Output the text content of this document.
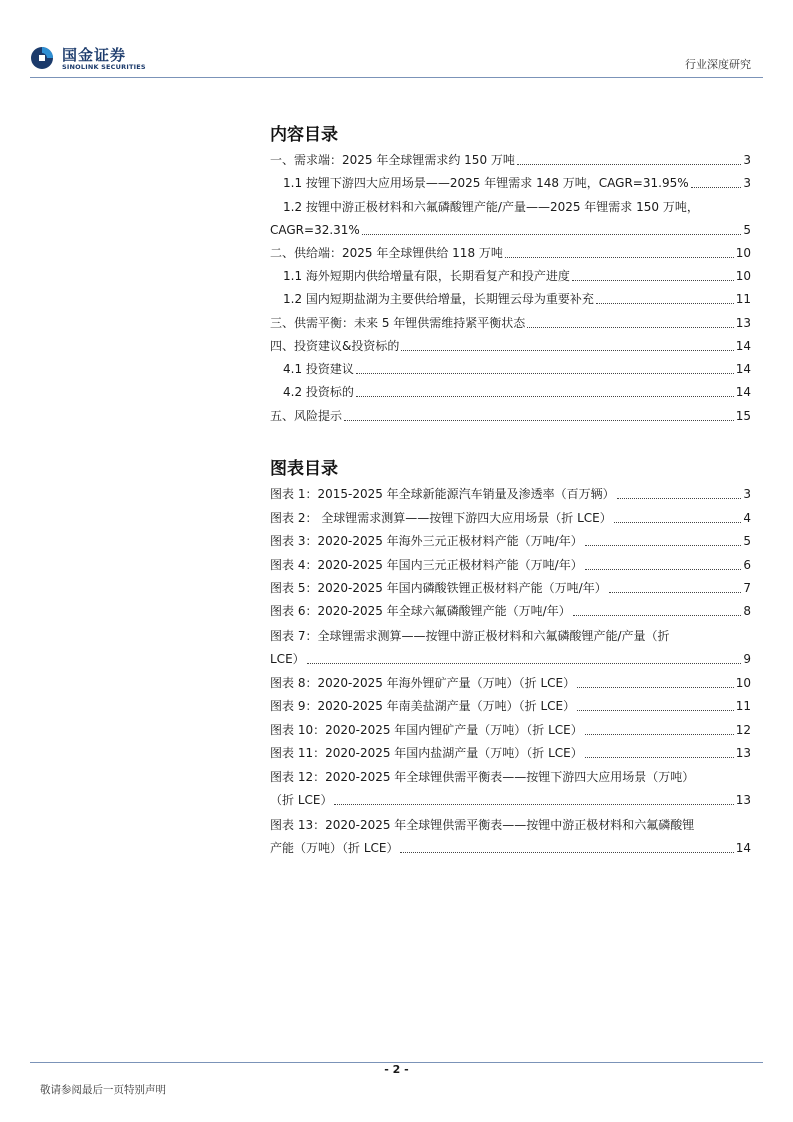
国金证券
SINOLINK SECURITIES	行业深度研究
内容目录
一、需求端：2025 年全球锂需求约 150 万吨	3
1.1 按锂下游四大应用场景——2025 年锂需求 148 万吨，CAGR=31.95%	3
1.2 按锂中游正极材料和六氟磷酸锂产能/产量——2025 年锂需求 150 万吨，
CAGR=32.31%	5
二、供给端：2025 年全球锂供给 118 万吨	10
1.1 海外短期内供给增量有限，长期看复产和投产进度	10
1.2 国内短期盐湖为主要供给增量，长期锂云母为重要补充	11
三、供需平衡：未来 5 年锂供需维持紧平衡状态	13
四、投资建议&投资标的	14
4.1 投资建议	14
4.2 投资标的	14
五、风险提示	15
图表目录
图表 1：2015-2025 年全球新能源汽车销量及渗透率（百万辆）	3
图表 2： 全球锂需求测算——按锂下游四大应用场景（折 LCE）	4
图表 3：2020-2025 年海外三元正极材料产能（万吨/年）	5
图表 4：2020-2025 年国内三元正极材料产能（万吨/年）	6
图表 5：2020-2025 年国内磷酸铁锂正极材料产能（万吨/年）	7
图表 6：2020-2025 年全球六氟磷酸锂产能（万吨/年）	8
图表 7：全球锂需求测算——按锂中游正极材料和六氟磷酸锂产能/产量（折
LCE）	9
图表 8：2020-2025 年海外锂矿产量（万吨）（折 LCE）	10
图表 9：2020-2025 年南美盐湖产量（万吨）（折 LCE）	11
图表 10：2020-2025 年国内锂矿产量（万吨）（折 LCE）	12
图表 11：2020-2025 年国内盐湖产量（万吨）（折 LCE）	13
图表 12：2020-2025 年全球锂供需平衡表——按锂下游四大应用场景（万吨）
（折 LCE）	13
图表 13：2020-2025 年全球锂供需平衡表——按锂中游正极材料和六氟磷酸锂
产能（万吨）（折 LCE）	14
- 2 -
敬请参阅最后一页特别声明
